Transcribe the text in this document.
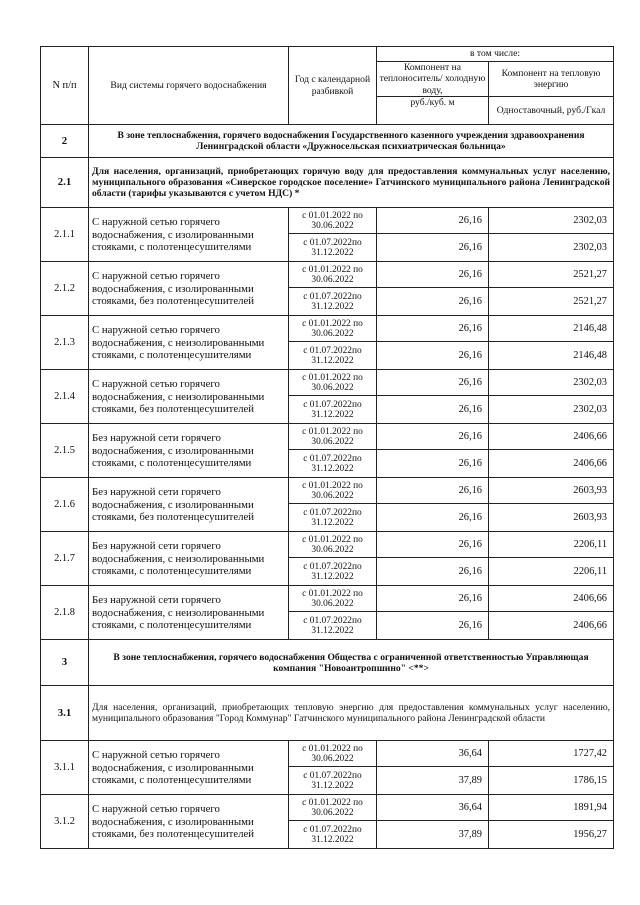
N п/п	Вид системы горячего водоснабжения	Год с календарной разбивкой	в том числе:	
			Компонент на теплоноситель/ холодную воду,	Компонент на тепловую энергию
			руб./куб. м	Одноставочный, руб./Гкал
2	В зоне теплоснабжения, горячего водоснабжения Государственного казенного учреждения здравоохранения Ленинградской области «Дружносельская психиатрическая больница»			
2.1	Для населения, организаций, приобретающих горячую воду для предоставления коммунальных услуг населению, муниципального образования «Сиверское городское поселение» Гатчинского муниципального района Ленинградской области (тарифы указываются с учетом НДС) *			
2.1.1	С наружной сетью горячего водоснабжения, с изолированными стояками, с полотенцесушителями	с 01.01.2022 по 30.06.2022	26,16	2302,03
		с 01.07.2022по 31.12.2022	26,16	2302,03
2.1.2	С наружной сетью горячего водоснабжения, с изолированными стояками, без полотенцесушителей	с 01.01.2022 по 30.06.2022	26,16	2521,27
		с 01.07.2022по 31.12.2022	26,16	2521,27
2.1.3	С наружной сетью горячего водоснабжения, с неизолированными стояками, с полотенцесушителями	с 01.01.2022 по 30.06.2022	26,16	2146,48
		с 01.07.2022по 31.12.2022	26,16	2146,48
2.1.4	С наружной сетью горячего водоснабжения, с неизолированными стояками, без полотенцесушителей	с 01.01.2022 по 30.06.2022	26,16	2302,03
		с 01.07.2022по 31.12.2022	26,16	2302,03
2.1.5	Без наружной сети горячего водоснабжения, с изолированными стояками, с полотенцесушителями	с 01.01.2022 по 30.06.2022	26,16	2406,66
		с 01.07.2022по 31.12.2022	26,16	2406,66
2.1.6	Без наружной сети горячего водоснабжения, с изолированными стояками, без полотенцесушителей	с 01.01.2022 по 30.06.2022	26,16	2603,93
		с 01.07.2022по 31.12.2022	26,16	2603,93
2.1.7	Без наружной сети горячего водоснабжения, с неизолированными стояками, с полотенцесушителями	с 01.01.2022 по 30.06.2022	26,16	2206,11
		с 01.07.2022по 31.12.2022	26,16	2206,11
2.1.8	Без наружной сети горячего водоснабжения, с неизолированными стояками, с полотенцесушителями	с 01.01.2022 по 30.06.2022	26,16	2406,66
		с 01.07.2022по 31.12.2022	26,16	2406,66
3	В зоне теплоснабжения, горячего водоснабжения Общества с ограниченной ответственностью Управляющая компания "Новоантропшино" <**>			
3.1	Для населения, организаций, приобретающих тепловую энергию для предоставления коммунальных услуг населению, муниципального образования "Город Коммунар" Гатчинского муниципального района Ленинградской области			
3.1.1	С наружной сетью горячего водоснабжения, с изолированными стояками, с полотенцесушителями	с 01.01.2022 по 30.06.2022	36,64	1727,42
		с 01.07.2022по 31.12.2022	37,89	1786,15
3.1.2	С наружной сетью горячего водоснабжения, с изолированными стояками, без полотенцесушителей	с 01.01.2022 по 30.06.2022	36,64	1891,94
		с 01.07.2022по 31.12.2022	37,89	1956,27
